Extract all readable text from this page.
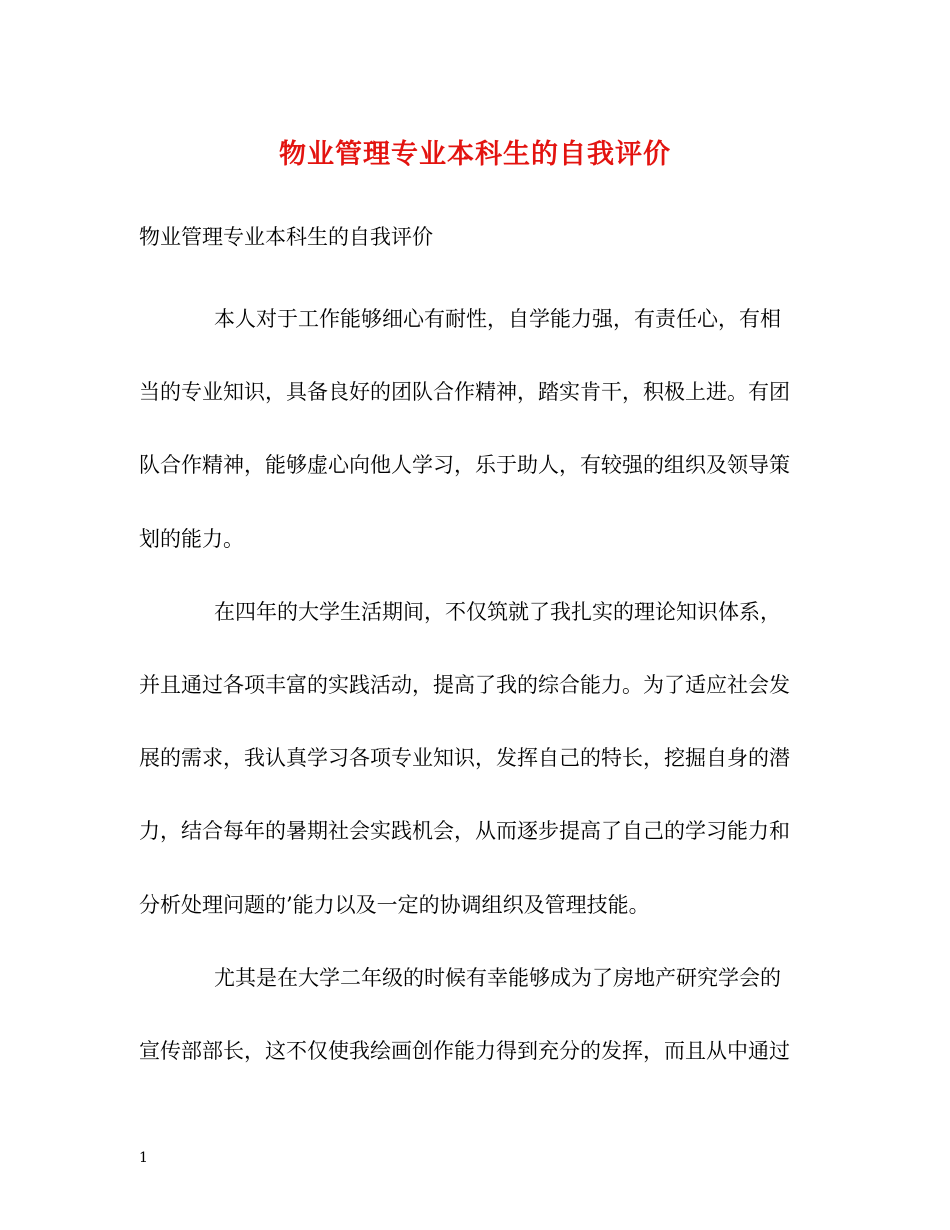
物业管理专业本科生的自我评价
物业管理专业本科生的自我评价
本人对于工作能够细心有耐性，自学能力强，有责任心，有相
当的专业知识，具备良好的团队合作精神，踏实肯干，积极上进。有团
队合作精神，能够虚心向他人学习，乐于助人，有较强的组织及领导策
划的能力。
在四年的大学生活期间，不仅筑就了我扎实的理论知识体系，
并且通过各项丰富的实践活动，提高了我的综合能力。为了适应社会发
展的需求，我认真学习各项专业知识，发挥自己的特长，挖掘自身的潜
力，结合每年的暑期社会实践机会，从而逐步提高了自己的学习能力和
分析处理问题的’能力以及一定的协调组织及管理技能。
尤其是在大学二年级的时候有幸能够成为了房地产研究学会的
宣传部部长，这不仅使我绘画创作能力得到充分的发挥，而且从中通过
1
